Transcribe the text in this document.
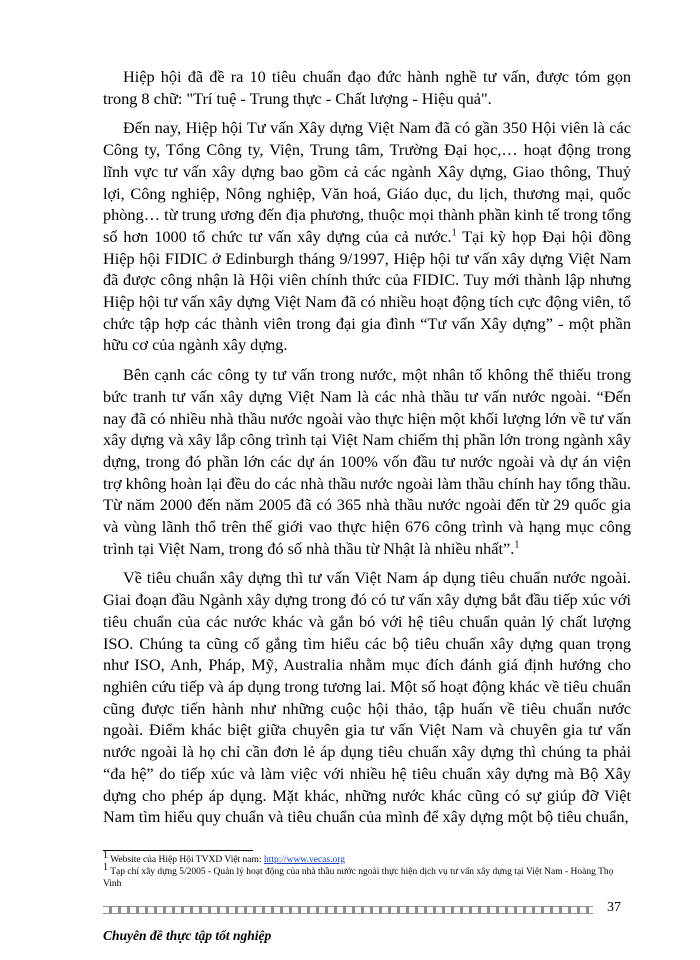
Hiệp hội đã đề ra 10 tiêu chuẩn đạo đức hành nghề tư vấn, được tóm gọn trong 8 chữ: "Trí tuệ - Trung thực - Chất lượng - Hiệu quả".

Đến nay, Hiệp hội Tư vấn Xây dựng Việt Nam đã có gần 350 Hội viên là các Công ty, Tổng Công ty, Viện, Trung tâm, Trường Đại học,… hoạt động trong lĩnh vực tư vấn xây dựng bao gồm cả các ngành Xây dựng, Giao thông, Thuỷ lợi, Công nghiệp, Nông nghiệp, Văn hoá, Giáo dục, du lịch, thương mại, quốc phòng… từ trung ương đến địa phương, thuộc mọi thành phần kinh tế trong tổng số hơn 1000 tổ chức tư vấn xây dựng của cả nước.$^1$ Tại kỳ họp Đại hội đồng Hiệp hội FIDIC ở Edinburgh tháng 9/1997, Hiệp hội tư vấn xây dựng Việt Nam đã được công nhận là Hội viên chính thức của FIDIC. Tuy mới thành lập nhưng Hiệp hội tư vấn xây dựng Việt Nam đã có nhiều hoạt động tích cực động viên, tổ chức tập hợp các thành viên trong đại gia đình “Tư vấn Xây dựng” - một phần hữu cơ của ngành xây dựng.

Bên cạnh các công ty tư vấn trong nước, một nhân tố không thể thiếu trong bức tranh tư vấn xây dựng Việt Nam là các nhà thầu tư vấn nước ngoài. “Đến nay đã có nhiều nhà thầu nước ngoài vào thực hiện một khối lượng lớn về tư vấn xây dựng và xây lắp công trình tại Việt Nam chiếm thị phần lớn trong ngành xây dựng, trong đó phần lớn các dự án 100% vốn đầu tư nước ngoài và dự án viện trợ không hoàn lại đều do các nhà thầu nước ngoài làm thầu chính hay tổng thầu. Từ năm 2000 đến năm 2005 đã có 365 nhà thầu nước ngoài đến từ 29 quốc gia và vùng lãnh thổ trên thế giới vao thực hiện 676 công trình và hạng mục công trình tại Việt Nam, trong đó số nhà thầu từ Nhật là nhiều nhất”.$^1$

Về tiêu chuẩn xây dựng thì tư vấn Việt Nam áp dụng tiêu chuẩn nước ngoài. Giai đoạn đầu Ngành xây dựng trong đó có tư vấn xây dựng bắt đầu tiếp xúc với tiêu chuẩn của các nước khác và gắn bó với hệ tiêu chuẩn quản lý chất lượng ISO. Chúng ta cũng cố gắng tìm hiểu các bộ tiêu chuẩn xây dựng quan trọng như ISO, Anh, Pháp, Mỹ, Australia nhằm mục đích đánh giá định hướng cho nghiên cứu tiếp và áp dụng trong tương lai. Một số hoạt động khác về tiêu chuẩn cũng được tiến hành như những cuộc hội thảo, tập huấn về tiêu chuẩn nước ngoài. Điểm khác biệt giữa chuyên gia tư vấn Việt Nam và chuyên gia tư vấn nước ngoài là họ chỉ cần đơn lẻ áp dụng tiêu chuẩn xây dựng thì chúng ta phải “đa hệ” do tiếp xúc và làm việc với nhiều hệ tiêu chuẩn xây dựng mà Bộ Xây dựng cho phép áp dụng. Mặt khác, những nước khác cũng có sự giúp đỡ Việt Nam tìm hiểu quy chuẩn và tiêu chuẩn của mình để xây dựng một bộ tiêu chuẩn,

$^1$ Website của Hiệp Hội TVXD Việt nam: http://www.vecas.org

$^1$ Tạp chí xây dựng 5/2005 - Quản lý hoạt động của nhà thầu nước ngoài thực hiện dịch vụ tư vấn xây dựng tại Việt Nam - Hoàng Thọ Vinh

37
Chuyên đề thực tập tốt nghiệp
